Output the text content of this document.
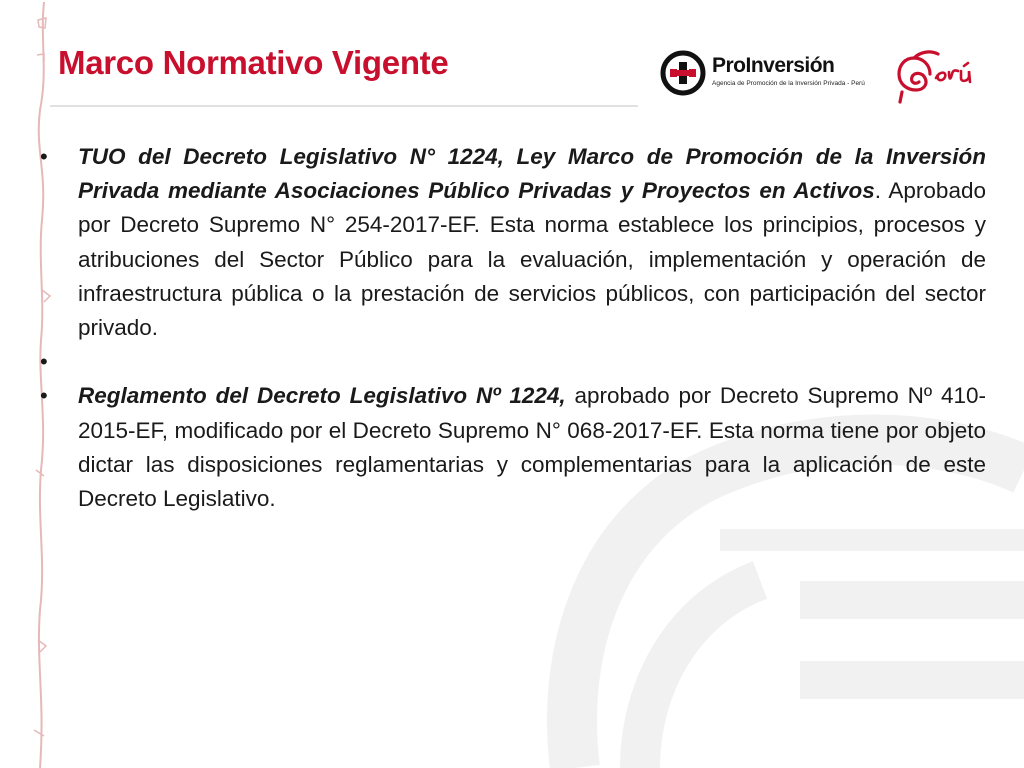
Marco Normativo Vigente	ProInversión
Agencia de Promoción de la Inversión Privada - Perú
• TUO del Decreto Legislativo N° 1224, Ley Marco de Promoción de la Inversión Privada mediante Asociaciones Público Privadas y Proyectos en Activos. Aprobado por Decreto Supremo N° 254-2017-EF. Esta norma establece los principios, procesos y atribuciones del Sector Público para la evaluación, implementación y operación de infraestructura pública o la prestación de servicios públicos, con participación del sector privado.
•
• Reglamento del Decreto Legislativo Nº 1224, aprobado por Decreto Supremo Nº 410-2015-EF, modificado por el Decreto Supremo N° 068-2017-EF. Esta norma tiene por objeto dictar las disposiciones reglamentarias y complementarias para la aplicación de este Decreto Legislativo.
